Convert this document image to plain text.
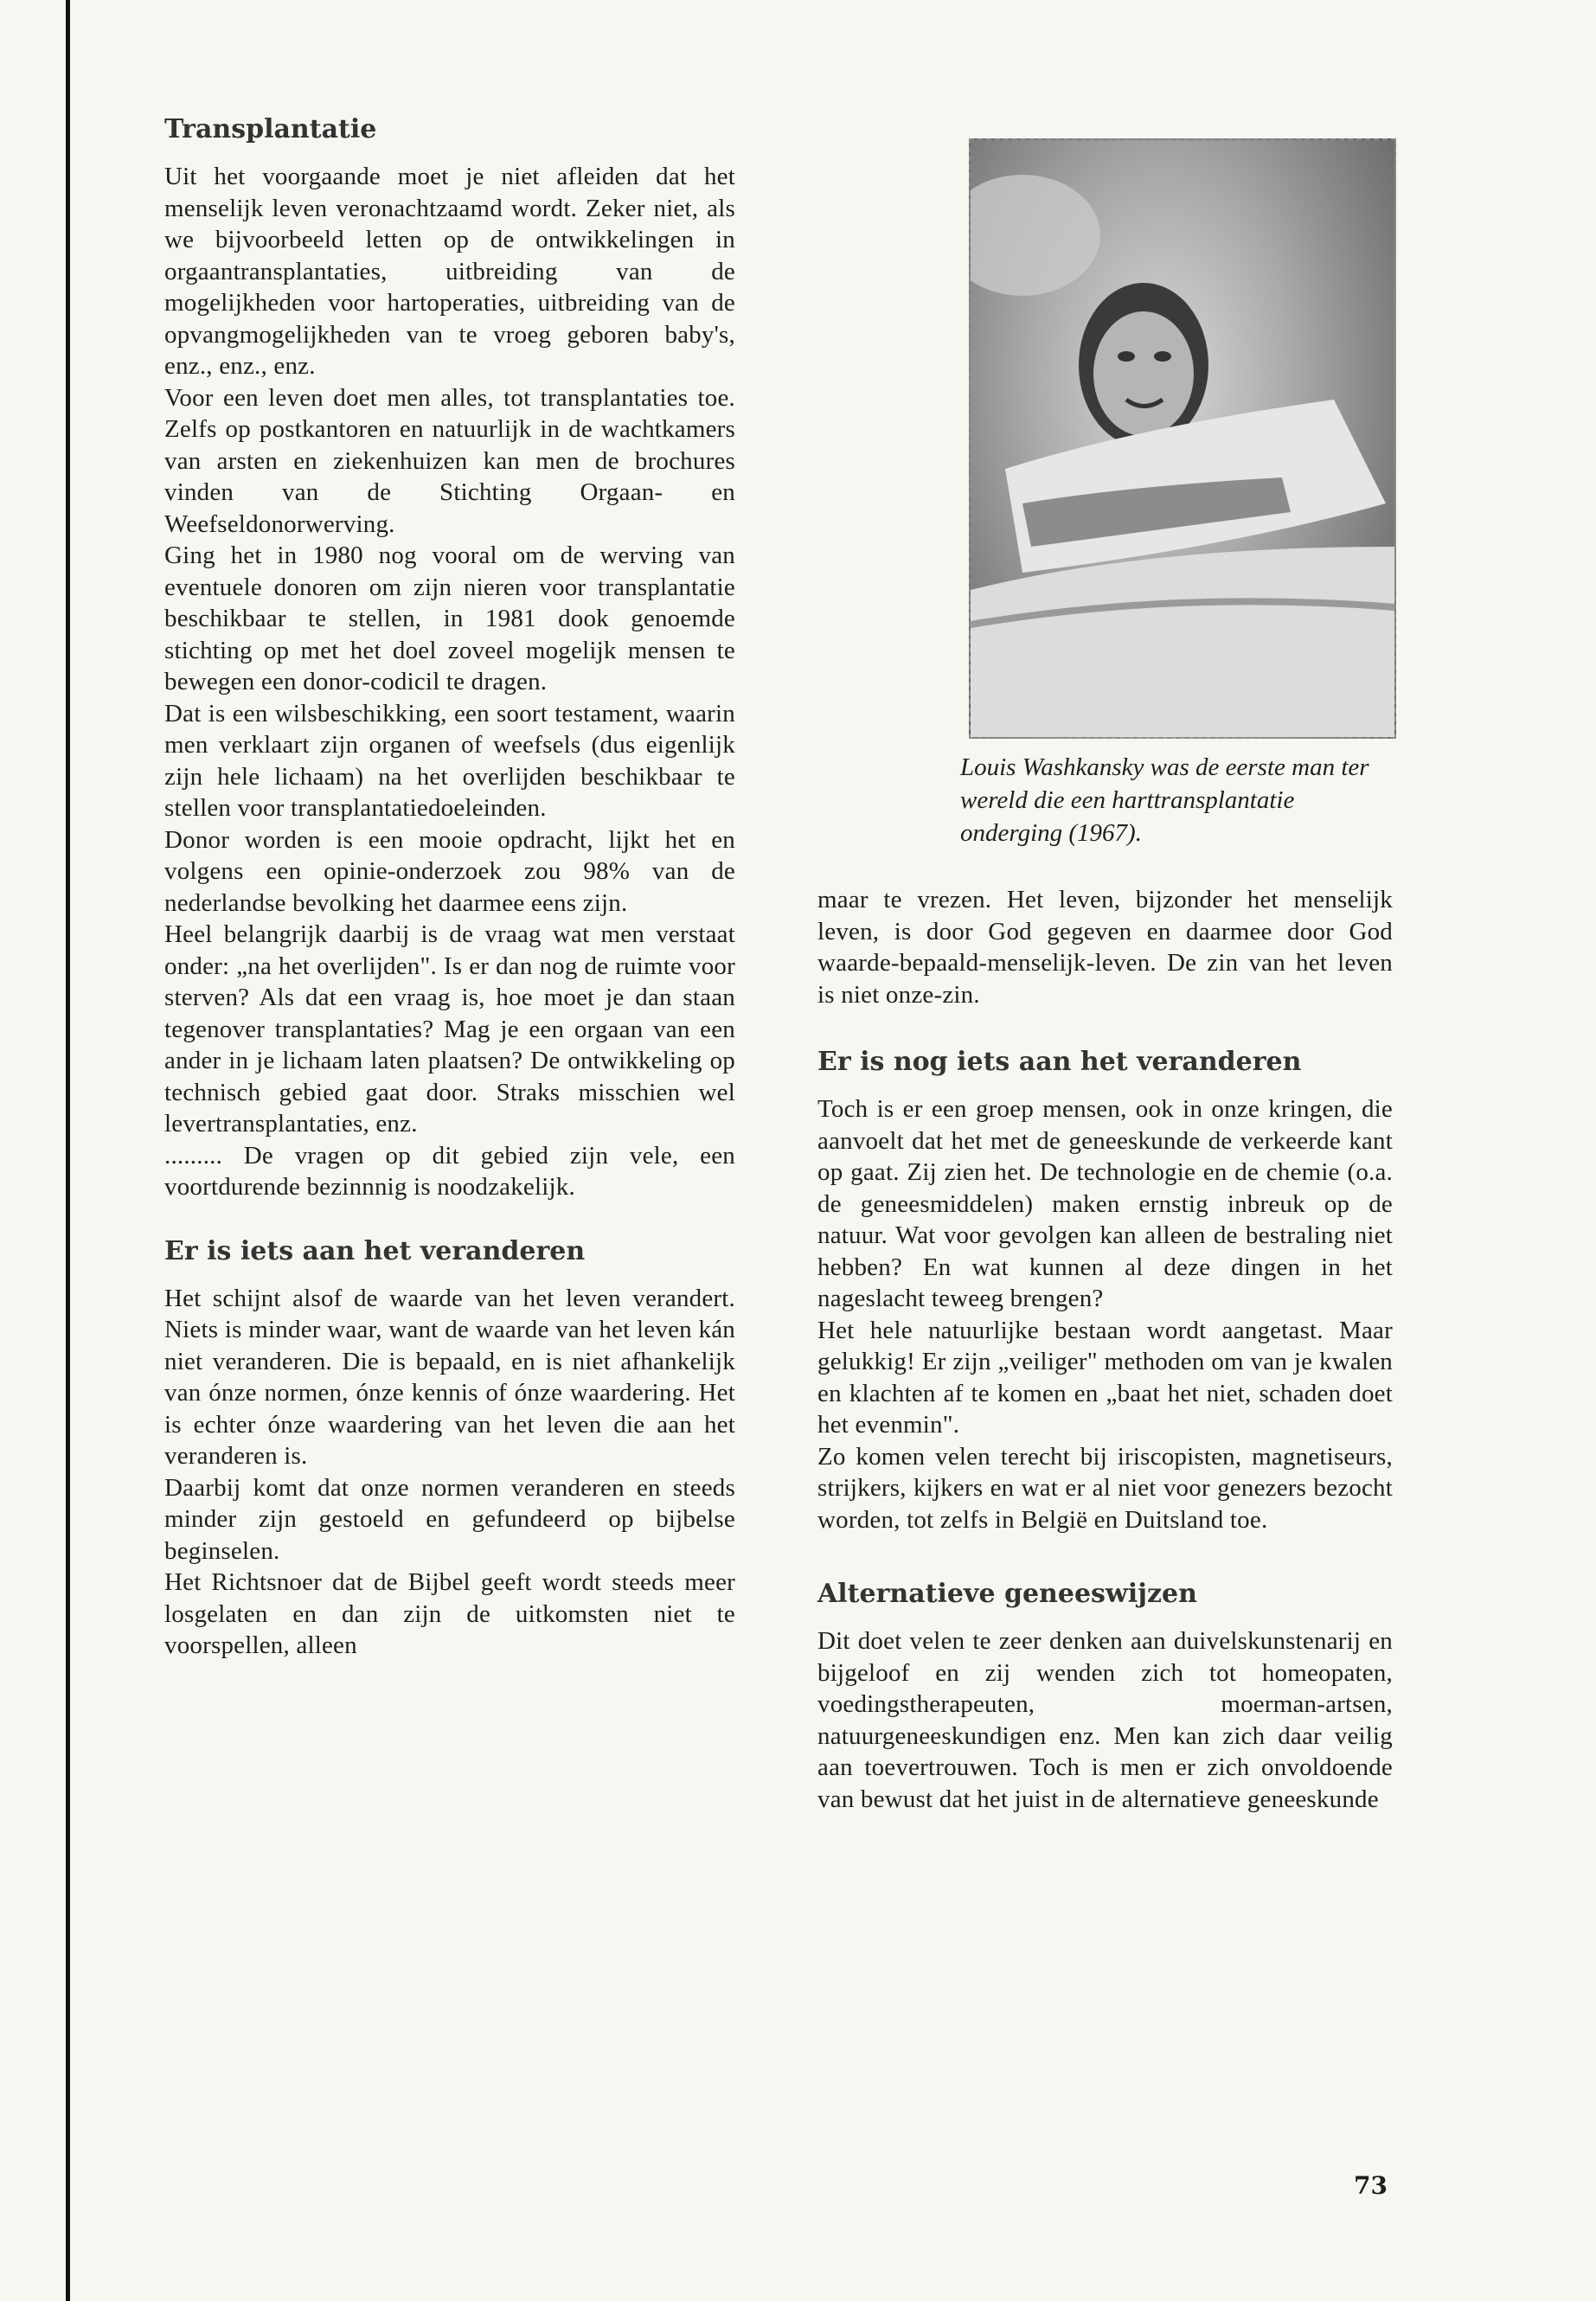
Transplantatie

Uit het voorgaande moet je niet afleiden dat het menselijk leven veronachtzaamd wordt. Zeker niet, als we bijvoorbeeld letten op de ontwikkelingen in orgaantransplantaties, uitbreiding van de mogelijkheden voor hartoperaties, uitbreiding van de opvangmogelijkheden van te vroeg geboren baby's, enz., enz., enz.
Voor een leven doet men alles, tot transplantaties toe. Zelfs op postkantoren en natuurlijk in de wachtkamers van arsten en ziekenhuizen kan men de brochures vinden van de Stichting Orgaan- en Weefseldonorwerving.
Ging het in 1980 nog vooral om de werving van eventuele donoren om zijn nieren voor transplantatie beschikbaar te stellen, in 1981 dook genoemde stichting op met het doel zoveel mogelijk mensen te bewegen een donor-codicil te dragen.
Dat is een wilsbeschikking, een soort testament, waarin men verklaart zijn organen of weefsels (dus eigenlijk zijn hele lichaam) na het overlijden beschikbaar te stellen voor transplantatiedoeleinden.
Donor worden is een mooie opdracht, lijkt het en volgens een opinie-onderzoek zou 98% van de nederlandse bevolking het daarmee eens zijn.
Heel belangrijk daarbij is de vraag wat men verstaat onder: „na het overlijden". Is er dan nog de ruimte voor sterven? Als dat een vraag is, hoe moet je dan staan tegenover transplantaties? Mag je een orgaan van een ander in je lichaam laten plaatsen? De ontwikkeling op technisch gebied gaat door. Straks misschien wel levertransplantaties, enz.
......... De vragen op dit gebied zijn vele, een voortdurende bezinnnig is noodzakelijk.

Er is iets aan het veranderen

Het schijnt alsof de waarde van het leven verandert. Niets is minder waar, want de waarde van het leven kán niet veranderen. Die is bepaald, en is niet afhankelijk van ónze normen, ónze kennis of ónze waardering. Het is echter ónze waardering van het leven die aan het veranderen is.
Daarbij komt dat onze normen veranderen en steeds minder zijn gestoeld en gefundeerd op bijbelse beginselen.
Het Richtsnoer dat de Bijbel geeft wordt steeds meer losgelaten en dan zijn de uitkomsten niet te voorspellen, alleen

Louis Washkansky was de eerste man ter wereld die een harttransplantatie onderging (1967).

maar te vrezen. Het leven, bijzonder het menselijk leven, is door God gegeven en daarmee door God waarde-bepaald-menselijk-leven. De zin van het leven is niet onze-zin.

Er is nog iets aan het veranderen

Toch is er een groep mensen, ook in onze kringen, die aanvoelt dat het met de geneeskunde de verkeerde kant op gaat. Zij zien het. De technologie en de chemie (o.a. de geneesmiddelen) maken ernstig inbreuk op de natuur. Wat voor gevolgen kan alleen de bestraling niet hebben? En wat kunnen al deze dingen in het nageslacht teweeg brengen?
Het hele natuurlijke bestaan wordt aangetast. Maar gelukkig! Er zijn „veiliger" methoden om van je kwalen en klachten af te komen en „baat het niet, schaden doet het evenmin".
Zo komen velen terecht bij iriscopisten, magnetiseurs, strijkers, kijkers en wat er al niet voor genezers bezocht worden, tot zelfs in België en Duitsland toe.

Alternatieve geneeswijzen

Dit doet velen te zeer denken aan duivelskunstenarij en bijgeloof en zij wenden zich tot homeopaten, voedingstherapeuten, moerman-artsen, natuurgeneeskundigen enz. Men kan zich daar veilig aan toevertrouwen. Toch is men er zich onvoldoende van bewust dat het juist in de alternatieve geneeskunde

73
